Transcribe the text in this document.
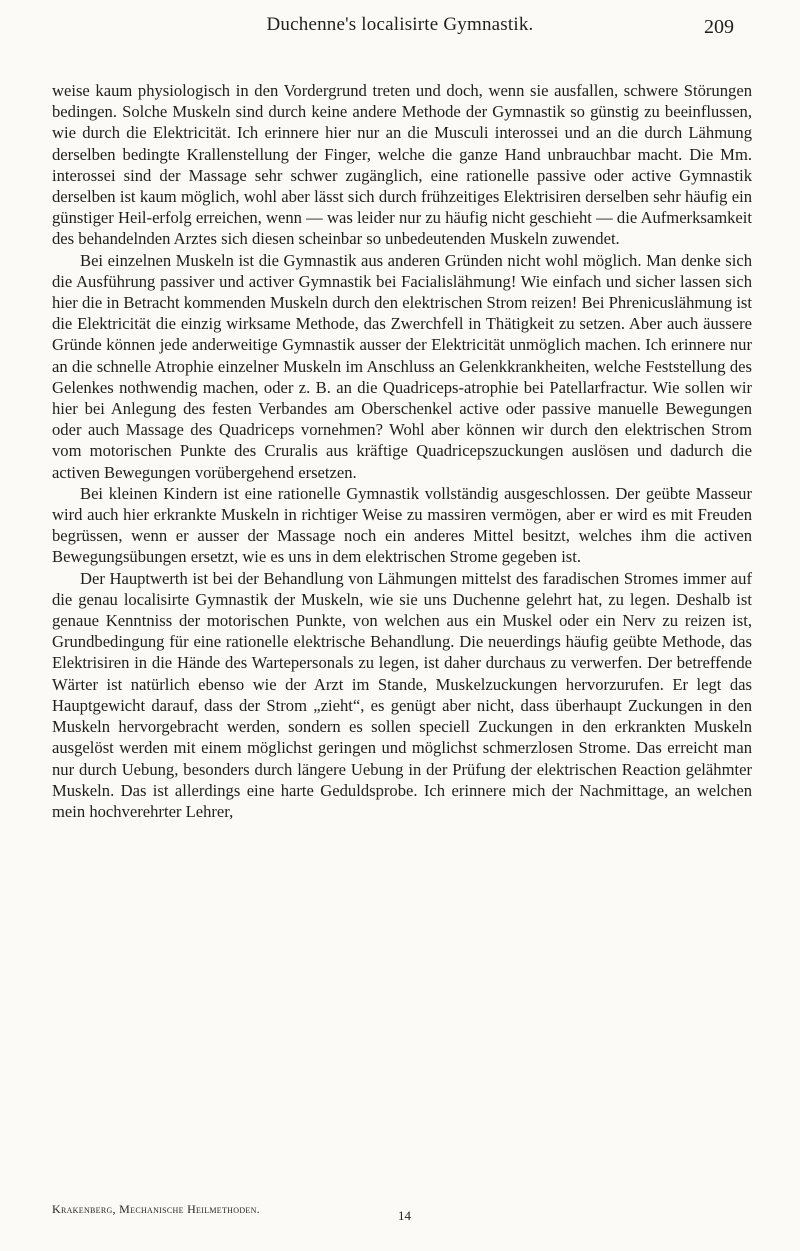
Duchenne's localisirte Gymnastik.	209

weise kaum physiologisch in den Vordergrund treten und doch, wenn sie ausfallen, schwere Störungen bedingen. Solche Muskeln sind durch keine andere Methode der Gymnastik so günstig zu beeinflussen, wie durch die Elektricität. Ich erinnere hier nur an die Musculi interossei und an die durch Lähmung derselben bedingte Krallenstellung der Finger, welche die ganze Hand unbrauchbar macht. Die Mm. interossei sind der Massage sehr schwer zugänglich, eine rationelle passive oder active Gymnastik derselben ist kaum möglich, wohl aber lässt sich durch frühzeitiges Elektrisiren derselben sehr häufig ein günstiger Heil-erfolg erreichen, wenn — was leider nur zu häufig nicht geschieht — die Aufmerksamkeit des behandelnden Arztes sich diesen scheinbar so unbedeutenden Muskeln zuwendet.

Bei einzelnen Muskeln ist die Gymnastik aus anderen Gründen nicht wohl möglich. Man denke sich die Ausführung passiver und activer Gymnastik bei Facialislähmung! Wie einfach und sicher lassen sich hier die in Betracht kommenden Muskeln durch den elektrischen Strom reizen! Bei Phrenicuslähmung ist die Elektricität die einzig wirksame Methode, das Zwerchfell in Thätigkeit zu setzen. Aber auch äussere Gründe können jede anderweitige Gymnastik ausser der Elektricität unmöglich machen. Ich erinnere nur an die schnelle Atrophie einzelner Muskeln im Anschluss an Gelenkkrankheiten, welche Feststellung des Gelenkes nothwendig machen, oder z. B. an die Quadriceps-atrophie bei Patellarfractur. Wie sollen wir hier bei Anlegung des festen Verbandes am Oberschenkel active oder passive manuelle Bewegungen oder auch Massage des Quadriceps vornehmen? Wohl aber können wir durch den elektrischen Strom vom motorischen Punkte des Cruralis aus kräftige Quadricepszuckungen auslösen und dadurch die activen Bewegungen vorübergehend ersetzen.

Bei kleinen Kindern ist eine rationelle Gymnastik vollständig ausgeschlossen. Der geübte Masseur wird auch hier erkrankte Muskeln in richtiger Weise zu massiren vermögen, aber er wird es mit Freuden begrüssen, wenn er ausser der Massage noch ein anderes Mittel besitzt, welches ihm die activen Bewegungsübungen ersetzt, wie es uns in dem elektrischen Strome gegeben ist.

Der Hauptwerth ist bei der Behandlung von Lähmungen mittelst des faradischen Stromes immer auf die genau localisirte Gymnastik der Muskeln, wie sie uns Duchenne gelehrt hat, zu legen. Deshalb ist genaue Kenntniss der motorischen Punkte, von welchen aus ein Muskel oder ein Nerv zu reizen ist, Grundbedingung für eine rationelle elektrische Behandlung. Die neuerdings häufig geübte Methode, das Elektrisiren in die Hände des Wartepersonals zu legen, ist daher durchaus zu verwerfen. Der betreffende Wärter ist natürlich ebenso wie der Arzt im Stande, Muskelzuckungen hervorzurufen. Er legt das Hauptgewicht darauf, dass der Strom „zieht“, es genügt aber nicht, dass überhaupt Zuckungen in den Muskeln hervorgebracht werden, sondern es sollen speciell Zuckungen in den erkrankten Muskeln ausgelöst werden mit einem möglichst geringen und möglichst schmerzlosen Strome. Das erreicht man nur durch Uebung, besonders durch längere Uebung in der Prüfung der elektrischen Reaction gelähmter Muskeln. Das ist allerdings eine harte Geduldsprobe. Ich erinnere mich der Nachmittage, an welchen mein hochverehrter Lehrer,

Krakenberg, Mechanische Heilmethoden.	14
